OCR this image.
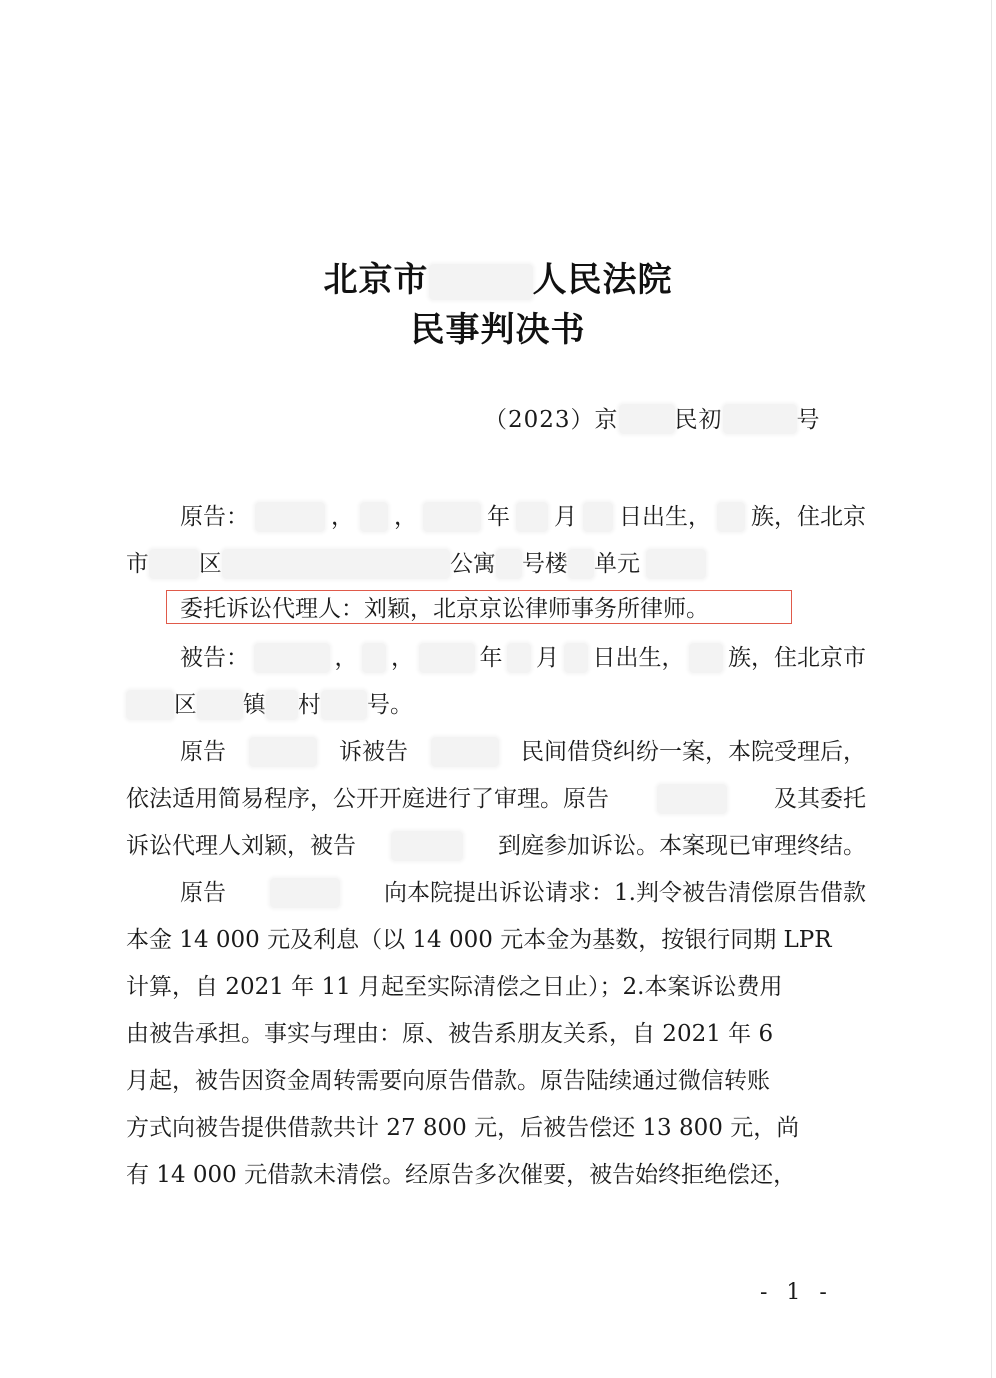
北京市	人民法院
民事判决书
（2023）京 民初	号
原告：	， ，	年 月 日出生， 族，住北京
市 区	公寓 号楼 单元
委托诉讼代理人：刘颖，北京京讼律师事务所律师。
被告：	， ，	年 月 日出生， 族，住北京市
区 镇 村 号。
原告	诉被告	民间借贷纠纷一案，本院受理后，
依法适用简易程序，公开开庭进行了审理。原告	及其委托
诉讼代理人刘颖，被告	到庭参加诉讼。本案现已审理终结。
原告	向本院提出诉讼请求：1.判令被告清偿原告借款
本金 14 000 元及利息（以 14 000 元本金为基数，按银行同期 LPR
计算，自 2021 年 11 月起至实际清偿之日止）；2.本案诉讼费用
由被告承担。事实与理由：原、被告系朋友关系，自 2021 年 6
月起，被告因资金周转需要向原告借款。原告陆续通过微信转账
方式向被告提供借款共计 27 800 元，后被告偿还 13 800 元，尚
有 14 000 元借款未清偿。经原告多次催要，被告始终拒绝偿还，
- 1 -
